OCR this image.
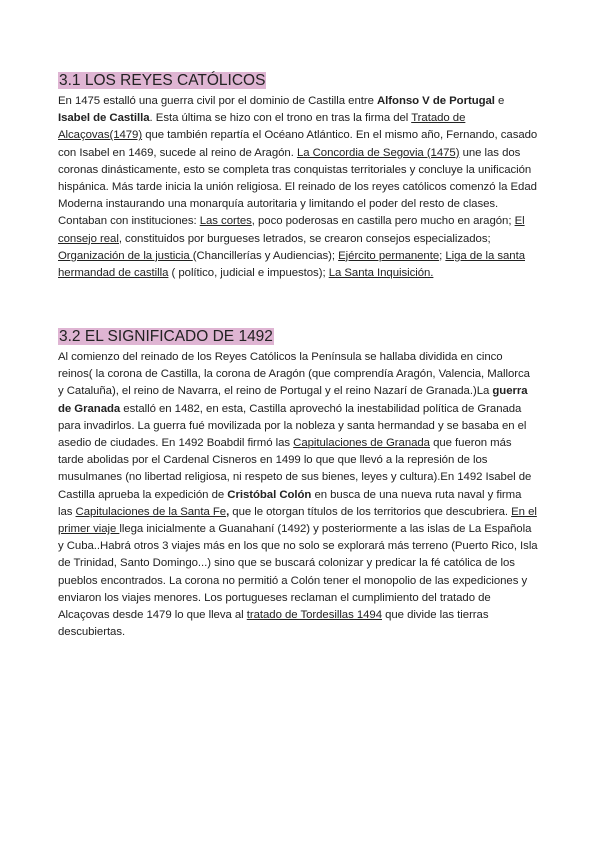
3.1 LOS REYES CATÓLICOS

En 1475 estalló una guerra civil por el dominio de Castilla entre Alfonso V de Portugal e Isabel de Castilla. Esta última se hizo con el trono en tras la firma del Tratado de Alcaçovas(1479) que también repartía el Océano Atlántico. En el mismo año, Fernando, casado con Isabel en 1469, sucede al reino de Aragón. La Concordia de Segovia (1475) une las dos coronas dinásticamente, esto se completa tras conquistas territoriales y concluye la unificación hispánica. Más tarde inicia la unión religiosa. El reinado de los reyes católicos comenzó la Edad Moderna instaurando una monarquía autoritaria y limitando el poder del resto de clases. Contaban con instituciones: Las cortes, poco poderosas en castilla pero mucho en aragón; El consejo real, constituidos por burgueses letrados, se crearon consejos especializados; Organización de la justicia (Chancillerías y Audiencias); Ejército permanente; Liga de la santa hermandad de castilla ( político, judicial e impuestos); La Santa Inquisición.

3.2 EL SIGNIFICADO DE 1492

Al comienzo del reinado de los Reyes Católicos la Península se hallaba dividida en cinco reinos( la corona de Castilla, la corona de Aragón (que comprendía Aragón, Valencia, Mallorca y Cataluña), el reino de Navarra, el reino de Portugal y el reino Nazarí de Granada.)La guerra de Granada estalló en 1482, en esta, Castilla aprovechó la inestabilidad política de Granada para invadirlos. La guerra fué movilizada por la nobleza y santa hermandad y se basaba en el asedio de ciudades. En 1492 Boabdil firmó las Capitulaciones de Granada que fueron más tarde abolidas por el Cardenal Cisneros en 1499 lo que que llevó a la represión de los musulmanes (no libertad religiosa, ni respeto de sus bienes, leyes y cultura).En 1492 Isabel de Castilla aprueba la expedición de Cristóbal Colón en busca de una nueva ruta naval y firma las Capitulaciones de la Santa Fe, que le otorgan títulos de los territorios que descubriera. En el primer viaje llega inicialmente a Guanahaní (1492) y posteriormente a las islas de La Española y Cuba..Habrá otros 3 viajes más en los que no solo se explorará más terreno (Puerto Rico, Isla de Trinidad, Santo Domingo...) sino que se buscará colonizar y predicar la fé católica de los pueblos encontrados. La corona no permitió a Colón tener el monopolio de las expediciones y enviaron los viajes menores. Los portugueses reclaman el cumplimiento del tratado de Alcaçovas desde 1479 lo que lleva al tratado de Tordesillas 1494 que divide las tierras descubiertas.
